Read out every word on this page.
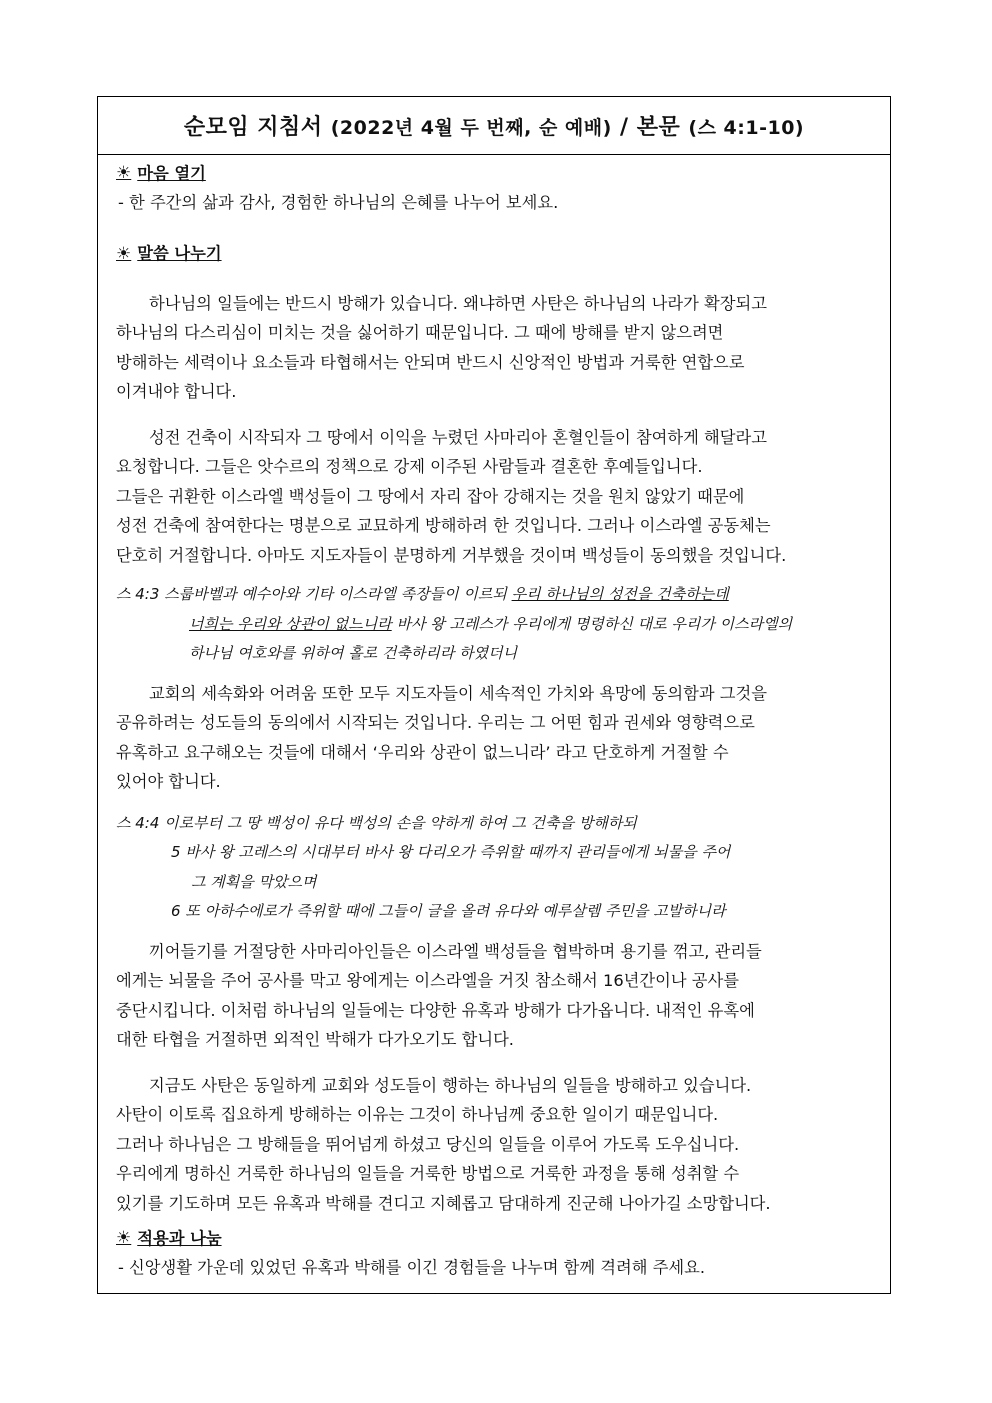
순모임 지침서 (2022년 4월 두 번째, 순 예배) / 본문 (스 4:1-10)
☀ 마음 열기
- 한 주간의 삶과 감사, 경험한 하나님의 은혜를 나누어 보세요.
☀ 말씀 나누기
하나님의 일들에는 반드시 방해가 있습니다. 왜냐하면 사탄은 하나님의 나라가 확장되고
하나님의 다스리심이 미치는 것을 싫어하기 때문입니다. 그 때에 방해를 받지 않으려면
방해하는 세력이나 요소들과 타협해서는 안되며 반드시 신앙적인 방법과 거룩한 연합으로
이겨내야 합니다.
성전 건축이 시작되자 그 땅에서 이익을 누렸던 사마리아 혼혈인들이 참여하게 해달라고
요청합니다. 그들은 앗수르의 정책으로 강제 이주된 사람들과 결혼한 후예들입니다.
그들은 귀환한 이스라엘 백성들이 그 땅에서 자리 잡아 강해지는 것을 원치 않았기 때문에
성전 건축에 참여한다는 명분으로 교묘하게 방해하려 한 것입니다. 그러나 이스라엘 공동체는
단호히 거절합니다. 아마도 지도자들이 분명하게 거부했을 것이며 백성들이 동의했을 것입니다.
스 4:3 스룹바벨과 예수아와 기타 이스라엘 족장들이 이르되 우리 하나님의 성전을 건축하는데
너희는 우리와 상관이 없느니라 바사 왕 고레스가 우리에게 명령하신 대로 우리가 이스라엘의
하나님 여호와를 위하여 홀로 건축하리라 하였더니
교회의 세속화와 어려움 또한 모두 지도자들이 세속적인 가치와 욕망에 동의함과 그것을
공유하려는 성도들의 동의에서 시작되는 것입니다. 우리는 그 어떤 힘과 권세와 영향력으로
유혹하고 요구해오는 것들에 대해서 ‘우리와 상관이 없느니라’ 라고 단호하게 거절할 수
있어야 합니다.
스 4:4 이로부터 그 땅 백성이 유다 백성의 손을 약하게 하여 그 건축을 방해하되
5 바사 왕 고레스의 시대부터 바사 왕 다리오가 즉위할 때까지 관리들에게 뇌물을 주어
그 계획을 막았으며
6 또 아하수에로가 즉위할 때에 그들이 글을 올려 유다와 예루살렘 주민을 고발하니라
끼어들기를 거절당한 사마리아인들은 이스라엘 백성들을 협박하며 용기를 꺾고, 관리들
에게는 뇌물을 주어 공사를 막고 왕에게는 이스라엘을 거짓 참소해서 16년간이나 공사를
중단시킵니다. 이처럼 하나님의 일들에는 다양한 유혹과 방해가 다가옵니다. 내적인 유혹에
대한 타협을 거절하면 외적인 박해가 다가오기도 합니다.
지금도 사탄은 동일하게 교회와 성도들이 행하는 하나님의 일들을 방해하고 있습니다.
사탄이 이토록 집요하게 방해하는 이유는 그것이 하나님께 중요한 일이기 때문입니다.
그러나 하나님은 그 방해들을 뛰어넘게 하셨고 당신의 일들을 이루어 가도록 도우십니다.
우리에게 명하신 거룩한 하나님의 일들을 거룩한 방법으로 거룩한 과정을 통해 성취할 수
있기를 기도하며 모든 유혹과 박해를 견디고 지혜롭고 담대하게 진군해 나아가길 소망합니다.
☀ 적용과 나눔
- 신앙생활 가운데 있었던 유혹과 박해를 이긴 경험들을 나누며 함께 격려해 주세요.
